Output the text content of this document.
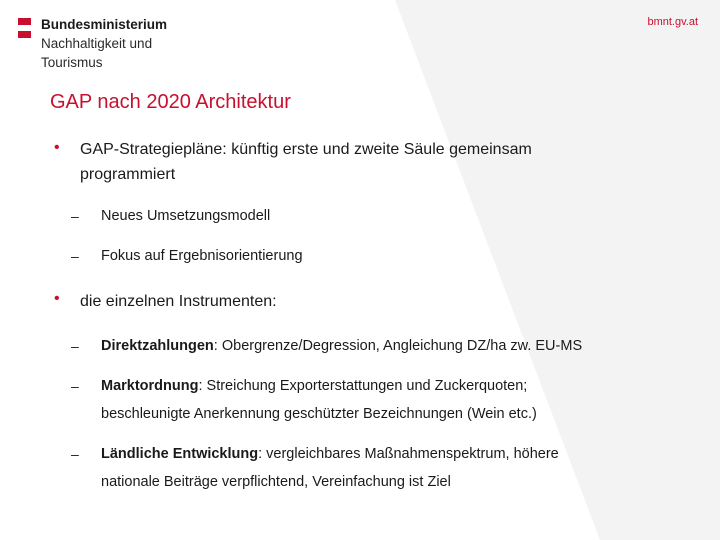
Bundesministerium
Nachhaltigkeit und
Tourismus
bmnt.gv.at
GAP nach 2020 Architektur
• GAP-Strategiepläne: künftig erste und zweite Säule gemeinsam
programmiert
– Neues Umsetzungsmodell
– Fokus auf Ergebnisorientierung
• die einzelnen Instrumenten:
– Direktzahlungen: Obergrenze/Degression, Angleichung DZ/ha zw. EU-MS
– Marktordnung: Streichung Exporterstattungen und Zuckerquoten;
beschleunigte Anerkennung geschützter Bezeichnungen (Wein etc.)
– Ländliche Entwicklung: vergleichbares Maßnahmenspektrum, höhere
nationale Beiträge verpflichtend, Vereinfachung ist Ziel
